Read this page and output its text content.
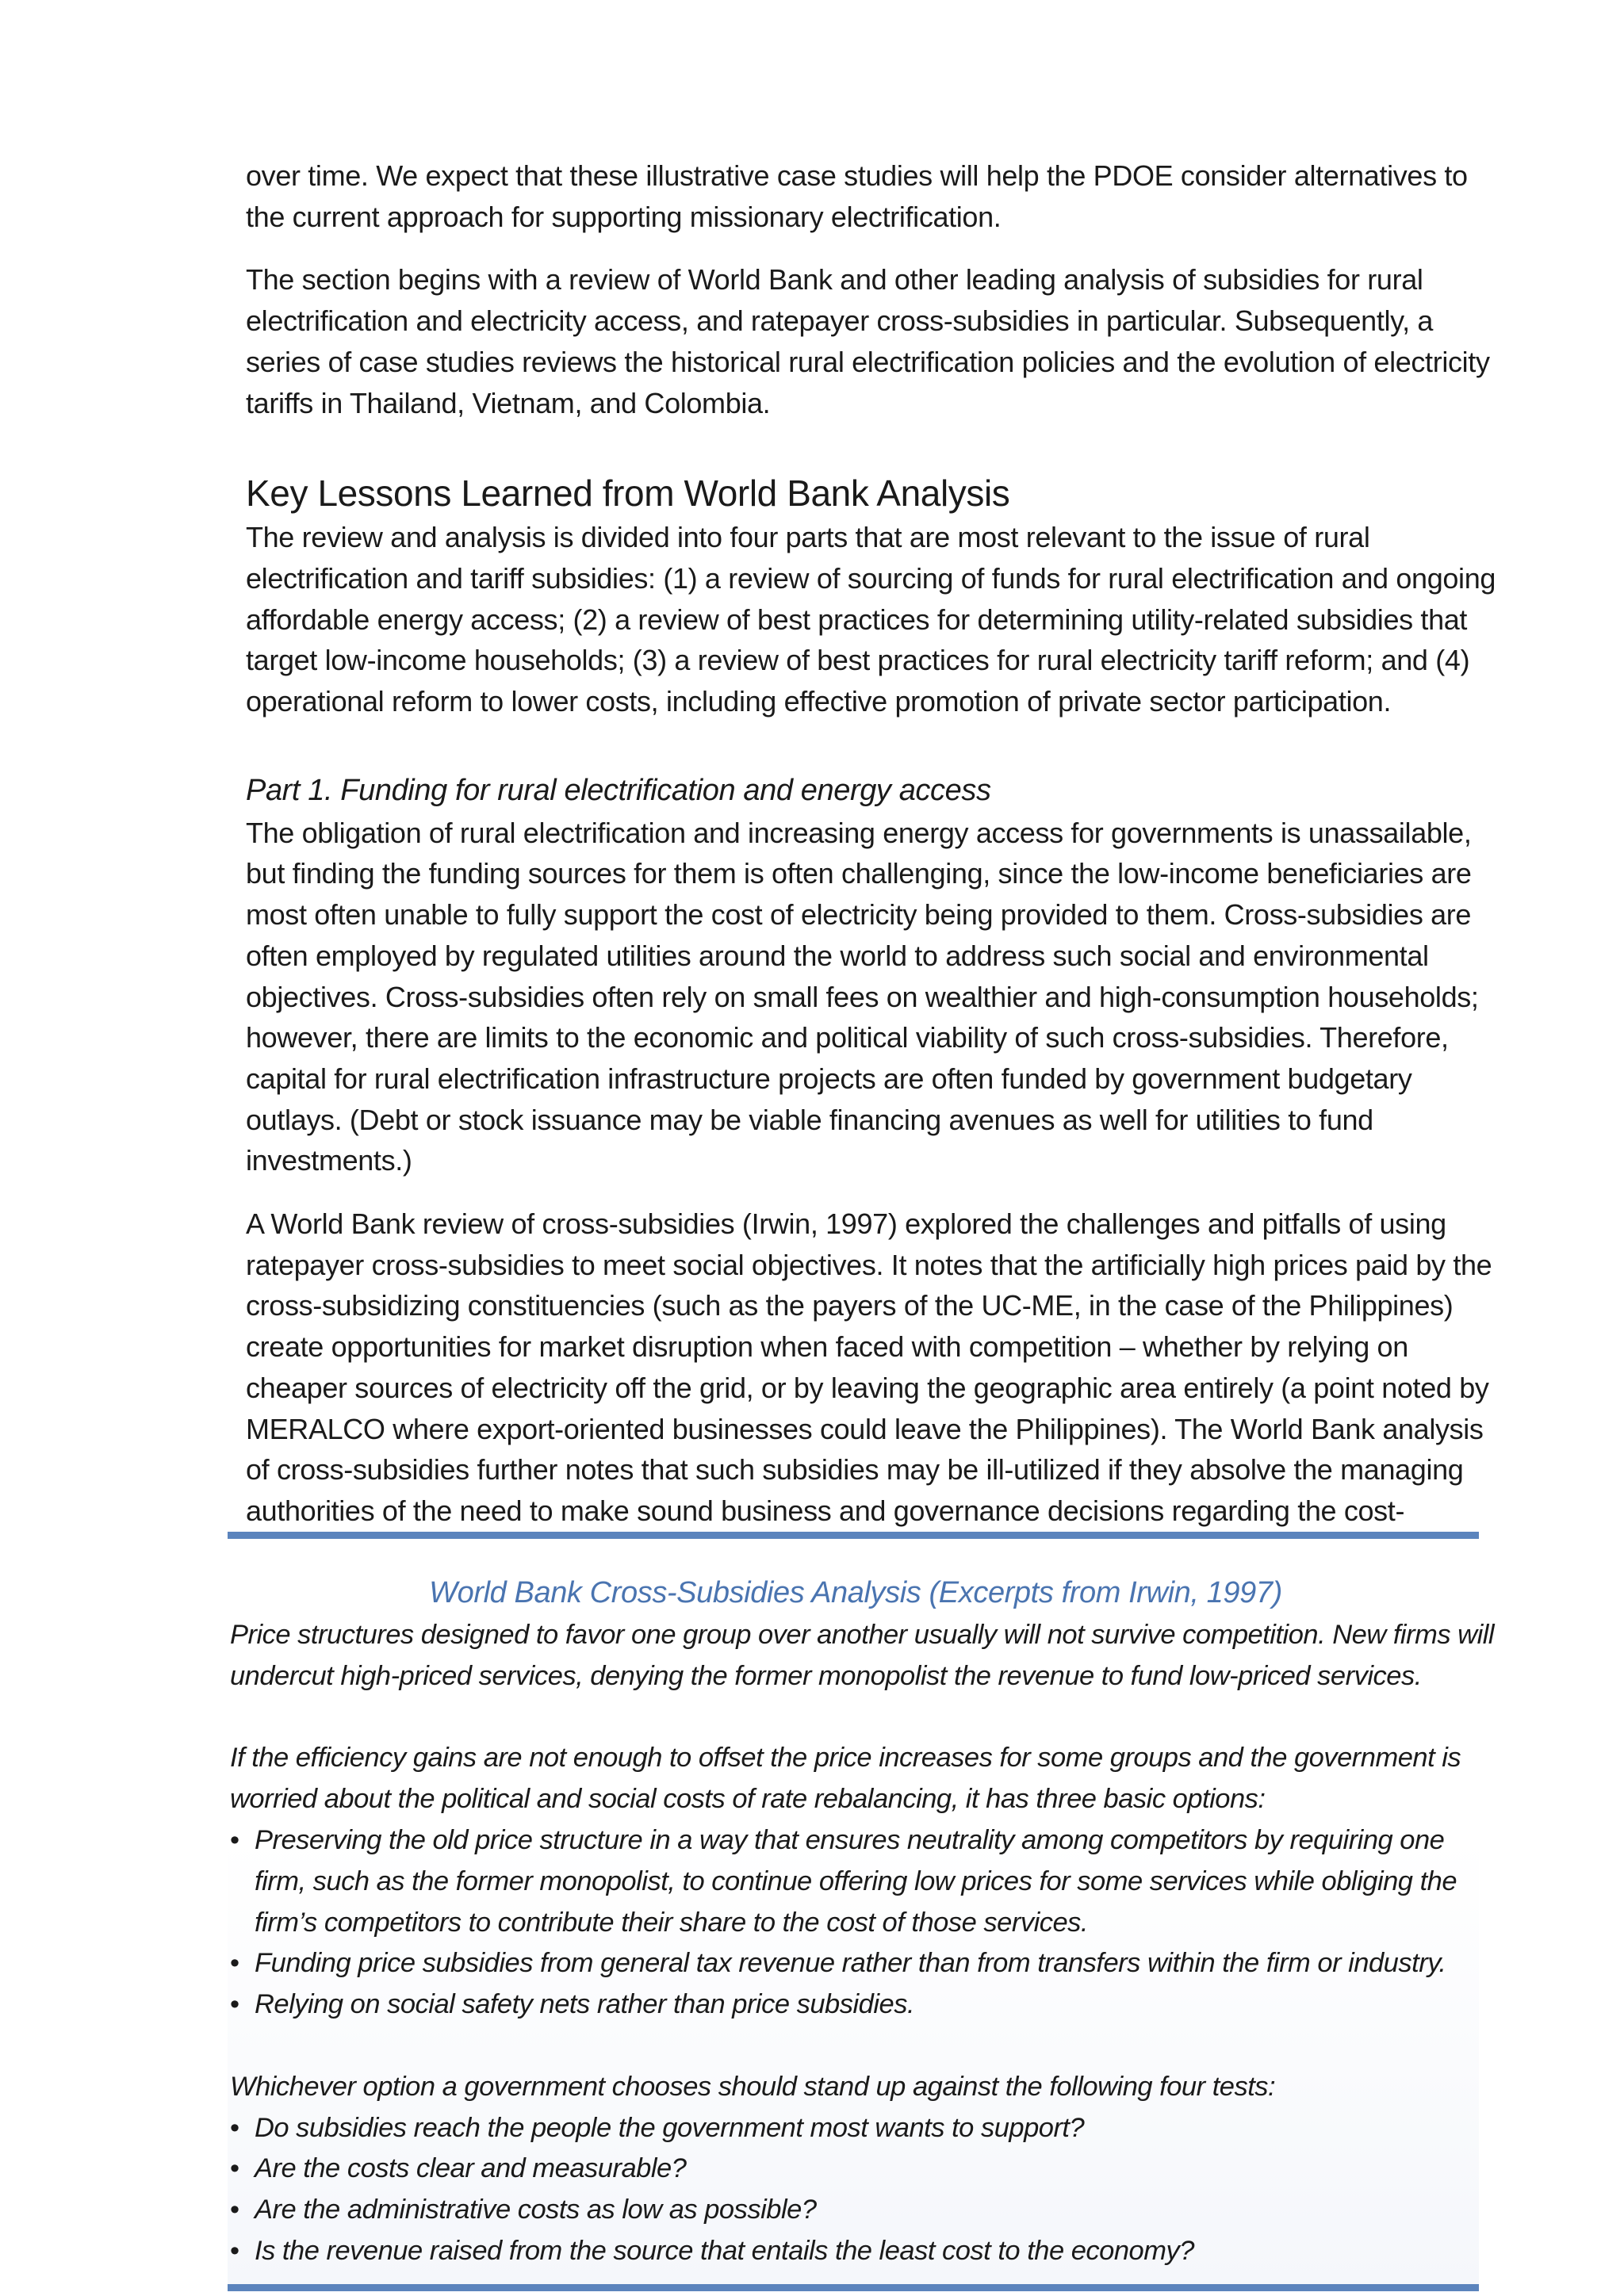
over time. We expect that these illustrative case studies will help the PDOE consider alternatives to the current approach for supporting missionary electrification.

The section begins with a review of World Bank and other leading analysis of subsidies for rural electrification and electricity access, and ratepayer cross-subsidies in particular. Subsequently, a series of case studies reviews the historical rural electrification policies and the evolution of electricity tariffs in Thailand, Vietnam, and Colombia.

Key Lessons Learned from World Bank Analysis

The review and analysis is divided into four parts that are most relevant to the issue of rural electrification and tariff subsidies: (1) a review of sourcing of funds for rural electrification and ongoing affordable energy access; (2) a review of best practices for determining utility-related subsidies that target low-income households; (3) a review of best practices for rural electricity tariff reform; and (4) operational reform to lower costs, including effective promotion of private sector participation.

Part 1. Funding for rural electrification and energy access

The obligation of rural electrification and increasing energy access for governments is unassailable, but finding the funding sources for them is often challenging, since the low-income beneficiaries are most often unable to fully support the cost of electricity being provided to them. Cross-subsidies are often employed by regulated utilities around the world to address such social and environmental objectives. Cross-subsidies often rely on small fees on wealthier and high-consumption households; however, there are limits to the economic and political viability of such cross-subsidies. Therefore, capital for rural electrification infrastructure projects are often funded by government budgetary outlays. (Debt or stock issuance may be viable financing avenues as well for utilities to fund investments.)

A World Bank review of cross-subsidies (Irwin, 1997) explored the challenges and pitfalls of using ratepayer cross-subsidies to meet social objectives. It notes that the artificially high prices paid by the cross-subsidizing constituencies (such as the payers of the UC-ME, in the case of the Philippines) create opportunities for market disruption when faced with competition – whether by relying on cheaper sources of electricity off the grid, or by leaving the geographic area entirely (a point noted by MERALCO where export-oriented businesses could leave the Philippines). The World Bank analysis of cross-subsidies further notes that such subsidies may be ill-utilized if they absolve the managing authorities of the need to make sound business and governance decisions regarding the cost-

World Bank Cross-Subsidies Analysis (Excerpts from Irwin, 1997)

Price structures designed to favor one group over another usually will not survive competition. New firms will undercut high-priced services, denying the former monopolist the revenue to fund low-priced services.

If the efficiency gains are not enough to offset the price increases for some groups and the government is worried about the political and social costs of rate rebalancing, it has three basic options:

• Preserving the old price structure in a way that ensures neutrality among competitors by requiring one firm, such as the former monopolist, to continue offering low prices for some services while obliging the firm’s competitors to contribute their share to the cost of those services.
• Funding price subsidies from general tax revenue rather than from transfers within the firm or industry.
• Relying on social safety nets rather than price subsidies.

Whichever option a government chooses should stand up against the following four tests:

• Do subsidies reach the people the government most wants to support?
• Are the costs clear and measurable?
• Are the administrative costs as low as possible?
• Is the revenue raised from the source that entails the least cost to the economy?
